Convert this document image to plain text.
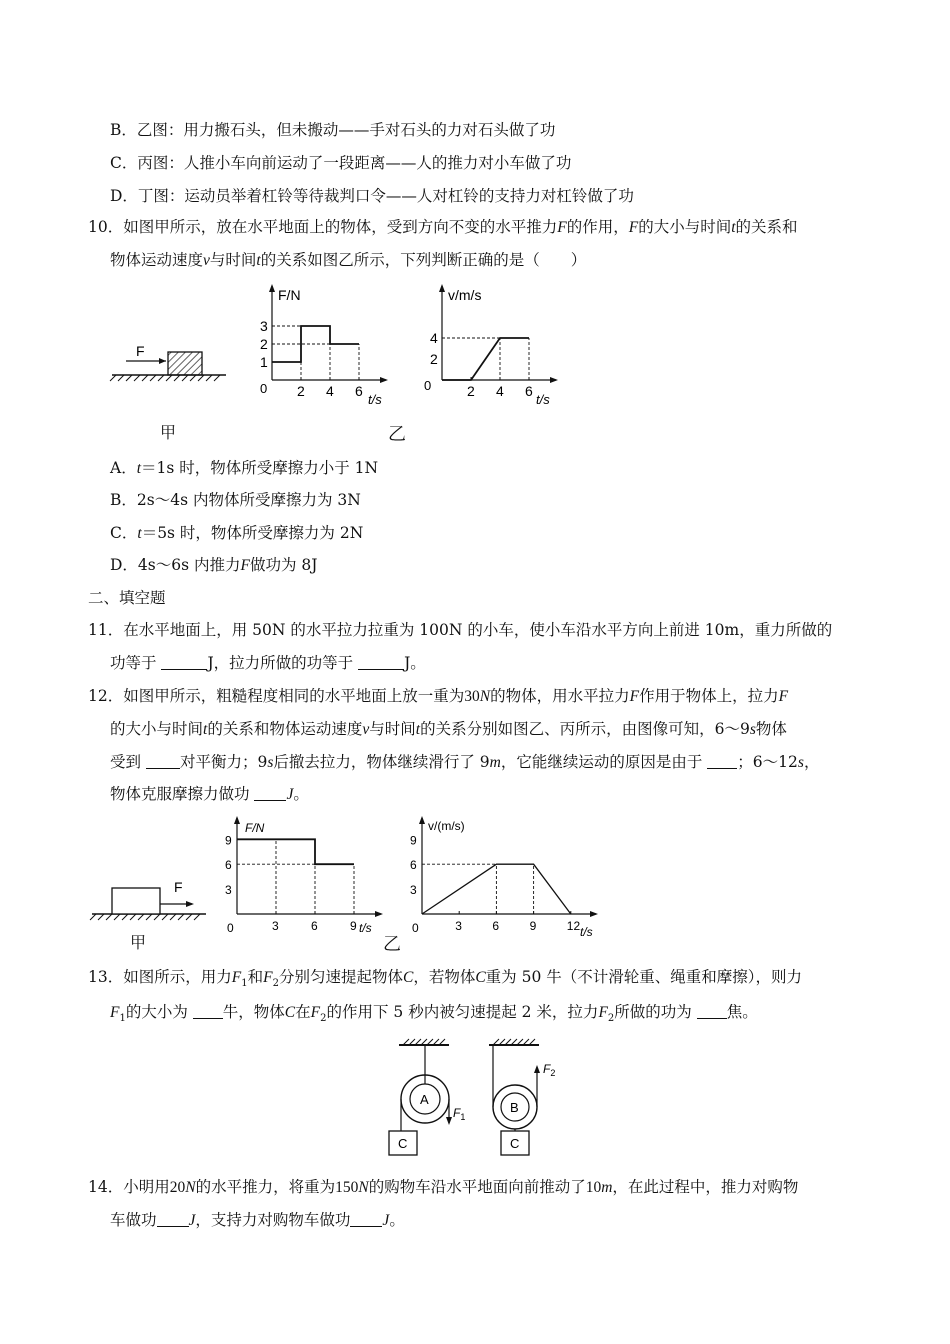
B．乙图：用力搬石头，但未搬动——手对石头的力对石头做了功
C．丙图：人推小车向前运动了一段距离——人的推力对小车做了功
D．丁图：运动员举着杠铃等待裁判口令——人对杠铃的支持力对杠铃做了功
10．如图甲所示，放在水平地面上的物体，受到方向不变的水平推力F的作用，F的大小与时间t的关系和
物体运动速度v与时间t的关系如图乙所示，下列判断正确的是（　　）
F
甲
F/N
t/s
0 2 4 6
1
2
3
v/m/s
t/s
0	2 4 6
2
4
乙
A．t＝1s 时，物体所受摩擦力小于 1N
B．2s～4s 内物体所受摩擦力为 3N
C．t＝5s 时，物体所受摩擦力为 2N
D．4s～6s 内推力F做功为 8J
二、填空题
11．在水平地面上，用 50N 的水平拉力拉重为 100N 的小车，使小车沿水平方向上前进 10m，重力所做的
功等于	J，拉力所做的功等于	J。
12．如图甲所示，粗糙程度相同的水平地面上放一重为30N的物体，用水平拉力F作用于物体上，拉力F
的大小与时间t的关系和物体运动速度v与时间t的关系分别如图乙、丙所示，由图像可知，6～9s物体
受到 对平衡力；9s后撤去拉力，物体继续滑行了 9m，它能继续运动的原因是由于 ；6～12s，
物体克服摩擦力做功 J。
F
甲
F/N
t/s
0	3	6	9
3
6
9
乙
v/(m/s)
t/s
0	3	6	9	12
3
6
9
13．如图所示，用力$F_1$和$F_2$分别匀速提起物体C，若物体C重为 50 牛（不计滑轮重、绳重和摩擦），则力
$F_1$的大小为 牛，物体C在$F_2$的作用下 5 秒内被匀速提起 2 米，拉力$F_2$所做的功为 焦。
A
$F_1$
C
B
$F_2$
C
14．小明用20N的水平推力，将重为150N的购物车沿水平地面向前推动了10m，在此过程中，推力对购物
车做功 J，支持力对购物车做功 J。
